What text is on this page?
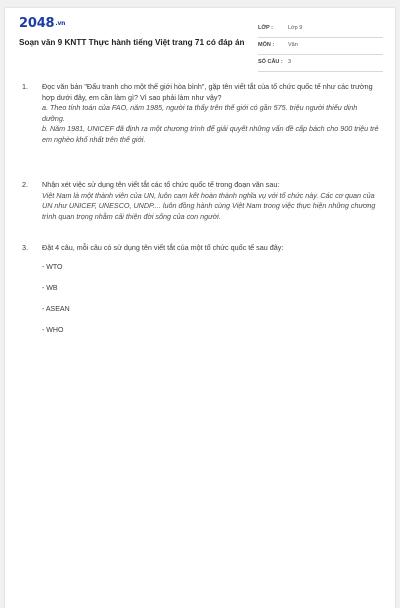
2048.vn
Soạn văn 9 KNTT Thực hành tiếng Việt trang 71 có đáp án
LỚP :	Lớp 9
MÔN :	Văn
SỐ CÂU : 3
1. Đọc văn bản "Đấu tranh cho một thế giới hòa bình", gặp tên viết tắt của tổ chức quốc tế như các trường hợp dưới đây, em cần làm gì? Vì sao phải làm như vậy?

a. Theo tính toán của FAO, năm 1985, người ta thấy trên thế giới có gần 575. triệu người thiếu dinh dưỡng.

b. Năm 1981, UNICEF đã định ra một chương trình để giải quyết những vấn đề cấp bách cho 900 triệu trẻ em nghèo khổ nhất trên thế giới.

2. Nhận xét việc sử dụng tên viết tắt các tổ chức quốc tế trong đoạn văn sau:

Việt Nam là một thành viên của UN, luôn cam kết hoàn thành nghĩa vụ với tổ chức này. Các cơ quan của UN như UNICEF, UNESCO, UNDP.... luôn đồng hành cùng Việt Nam trong việc thực hiện những chương trình quan trọng nhằm cải thiện đời sống của con người.

3. Đặt 4 câu, mỗi câu có sử dụng tên viết tắt của một tổ chức quốc tế sau đây:

- WTO

- WB

- ASEAN

- WHO
